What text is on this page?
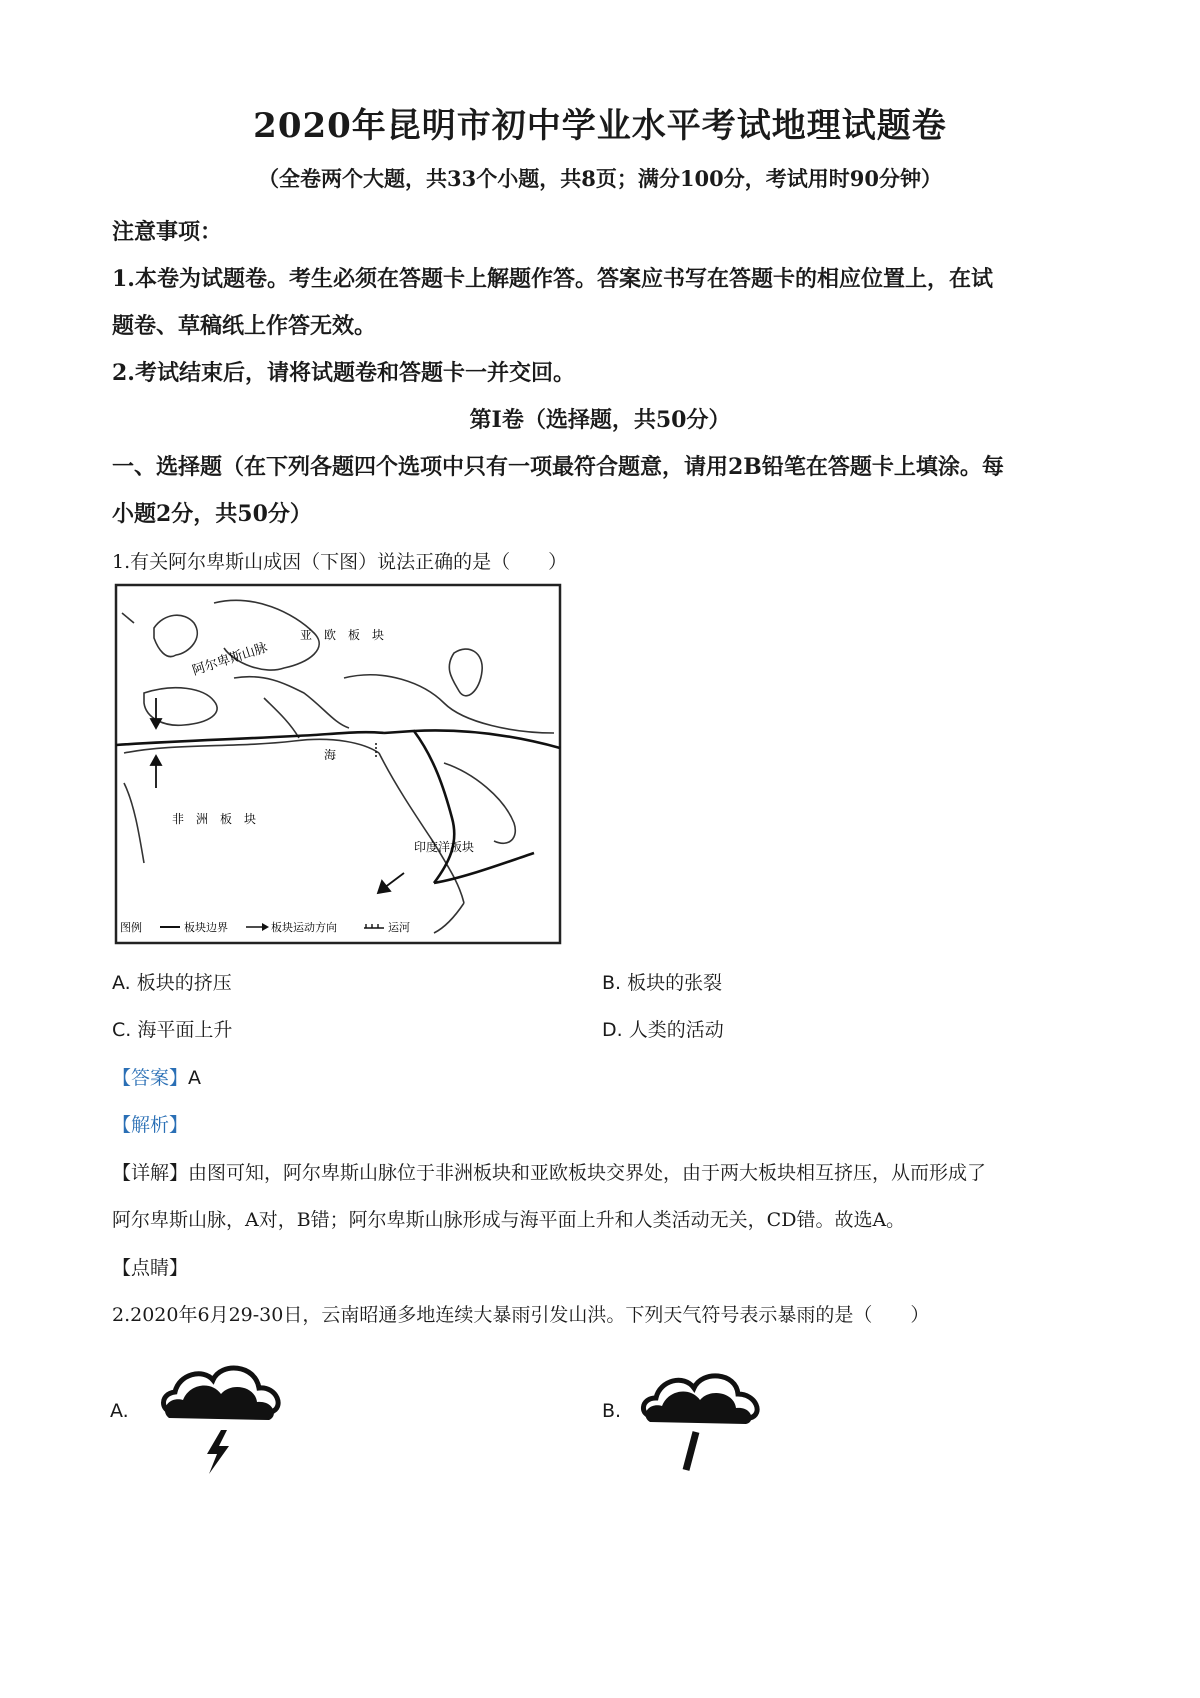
2020年昆明市初中学业水平考试地理试题卷
（全卷两个大题，共33个小题，共8页；满分100分，考试用时90分钟）
注意事项：
1.本卷为试题卷。考生必须在答题卡上解题作答。答案应书写在答题卡的相应位置上，在试
题卷、草稿纸上作答无效。
2.考试结束后，请将试题卷和答题卡一并交回。
第Ⅰ卷（选择题，共50分）
一、选择题（在下列各题四个选项中只有一项最符合题意，请用2B铅笔在答题卡上填涂。每
小题2分，共50分）
1.有关阿尔卑斯山成因（下图）说法正确的是（　　）
亚　欧　板　块
阿尔卑斯山脉
非　洲　板　块
印度洋板块
海
图例	板块边界	板块运动方向	运河
A. 板块的挤压	B. 板块的张裂
C. 海平面上升	D. 人类的活动
【答案】A
【解析】
【详解】由图可知，阿尔卑斯山脉位于非洲板块和亚欧板块交界处，由于两大板块相互挤压，从而形成了
阿尔卑斯山脉，A对，B错；阿尔卑斯山脉形成与海平面上升和人类活动无关，CD错。故选A。
【点睛】
2.2020年6月29-30日，云南昭通多地连续大暴雨引发山洪。下列天气符号表示暴雨的是（　　）
A.	B.
